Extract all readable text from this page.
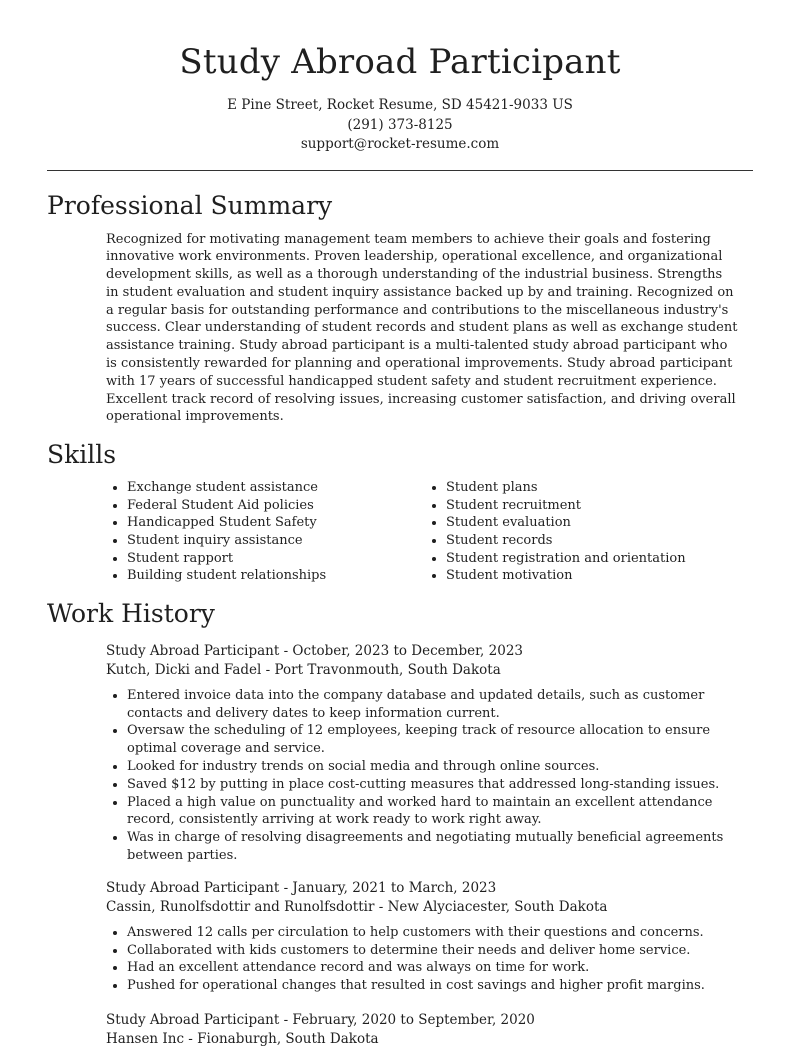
Study Abroad Participant
E Pine Street, Rocket Resume, SD 45421-9033 US
(291) 373-8125
support@rocket-resume.com
Professional Summary
Recognized for motivating management team members to achieve their goals and fostering innovative work environments. Proven leadership, operational excellence, and organizational development skills, as well as a thorough understanding of the industrial business. Strengths in student evaluation and student inquiry assistance backed up by and training. Recognized on a regular basis for outstanding performance and contributions to the miscellaneous industry's success. Clear understanding of student records and student plans as well as exchange student assistance training. Study abroad participant is a multi-talented study abroad participant who is consistently rewarded for planning and operational improvements. Study abroad participant with 17 years of successful handicapped student safety and student recruitment experience. Excellent track record of resolving issues, increasing customer satisfaction, and driving overall operational improvements.
Skills
• Exchange student assistance
• Federal Student Aid policies
• Handicapped Student Safety
• Student inquiry assistance
• Student rapport
• Building student relationships
• Student plans
• Student recruitment
• Student evaluation
• Student records
• Student registration and orientation
• Student motivation
Work History
Study Abroad Participant - October, 2023 to December, 2023
Kutch, Dicki and Fadel - Port Travonmouth, South Dakota
• Entered invoice data into the company database and updated details, such as customer contacts and delivery dates to keep information current.
• Oversaw the scheduling of 12 employees, keeping track of resource allocation to ensure optimal coverage and service.
• Looked for industry trends on social media and through online sources.
• Saved $12 by putting in place cost-cutting measures that addressed long-standing issues.
• Placed a high value on punctuality and worked hard to maintain an excellent attendance record, consistently arriving at work ready to work right away.
• Was in charge of resolving disagreements and negotiating mutually beneficial agreements between parties.
Study Abroad Participant - January, 2021 to March, 2023
Cassin, Runolfsdottir and Runolfsdottir - New Alyciacester, South Dakota
• Answered 12 calls per circulation to help customers with their questions and concerns.
• Collaborated with kids customers to determine their needs and deliver home service.
• Had an excellent attendance record and was always on time for work.
• Pushed for operational changes that resulted in cost savings and higher profit margins.
Study Abroad Participant - February, 2020 to September, 2020
Hansen Inc - Fionaburgh, South Dakota
